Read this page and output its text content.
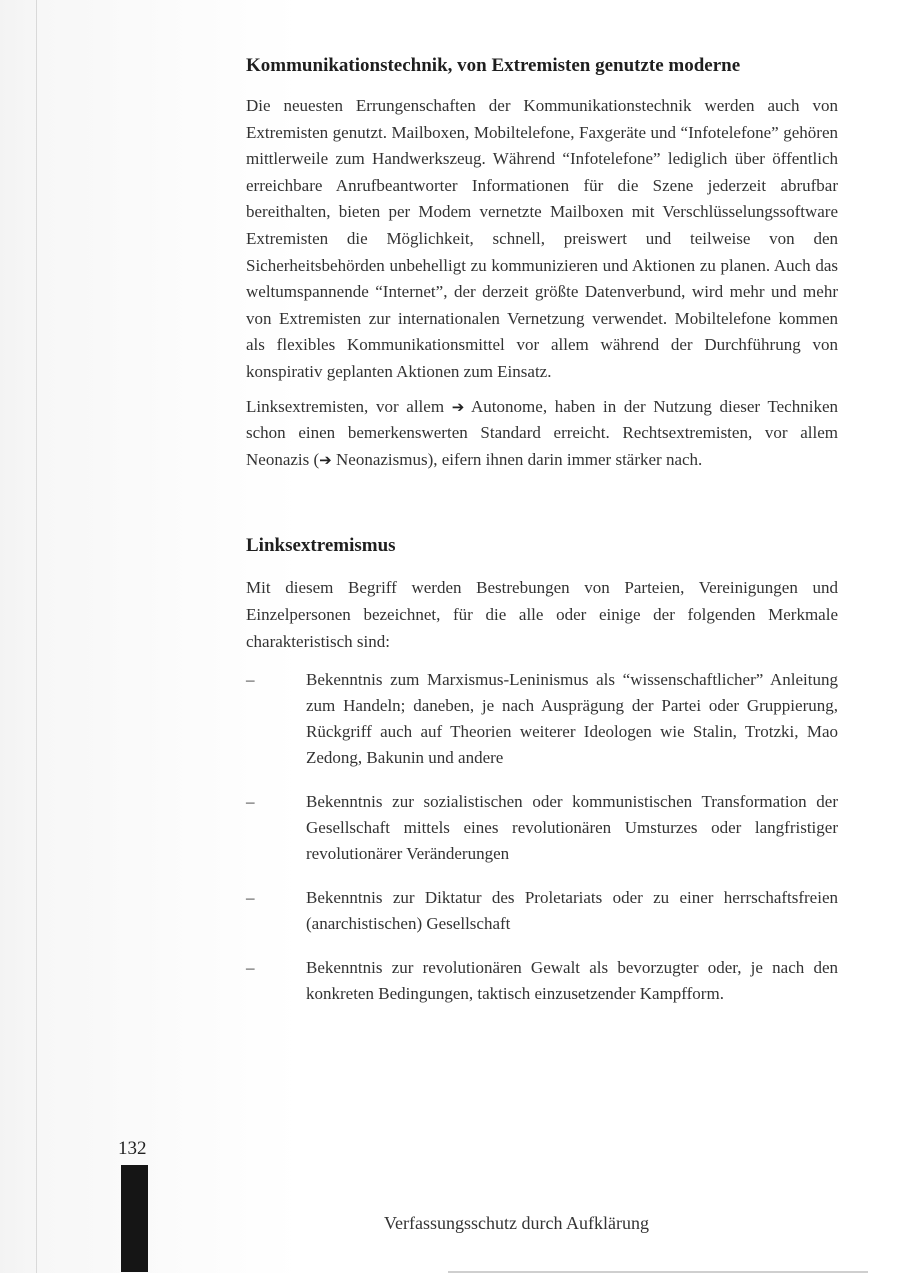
Kommunikationstechnik, von Extremisten genutzte moderne

Die neuesten Errungenschaften der Kommunikationstechnik werden auch von Extremisten genutzt. Mailboxen, Mobiltelefone, Faxgeräte und “Infotelefone” gehören mittlerweile zum Handwerkszeug. Während “Infotelefone” lediglich über öffentlich erreichbare Anrufbeantworter Informationen für die Szene jederzeit abrufbar bereithalten, bieten per Modem vernetzte Mailboxen mit Verschlüsselungssoftware Extremisten die Möglichkeit, schnell, preiswert und teilweise von den Sicherheitsbehörden unbehelligt zu kommunizieren und Aktionen zu planen. Auch das weltumspannende “Internet”, der derzeit größte Datenverbund, wird mehr und mehr von Extremisten zur internationalen Vernetzung verwendet. Mobiltelefone kommen als flexibles Kommunikationsmittel vor allem während der Durchführung von konspirativ geplanten Aktionen zum Einsatz.

Linksextremisten, vor allem ➔ Autonome, haben in der Nutzung dieser Techniken schon einen bemerkenswerten Standard erreicht. Rechtsextremisten, vor allem Neonazis (➔ Neonazismus), eifern ihnen darin immer stärker nach.

Linksextremismus

Mit diesem Begriff werden Bestrebungen von Parteien, Vereinigungen und Einzelpersonen bezeichnet, für die alle oder einige der folgenden Merkmale charakteristisch sind:

–	Bekenntnis zum Marxismus-Leninismus als “wissenschaftlicher” Anleitung zum Handeln; daneben, je nach Ausprägung der Partei oder Gruppierung, Rückgriff auch auf Theorien weiterer Ideologen wie Stalin, Trotzki, Mao Zedong, Bakunin und andere
–	Bekenntnis zur sozialistischen oder kommunistischen Transformation der Gesellschaft mittels eines revolutionären Umsturzes oder langfristiger revolutionärer Veränderungen
–	Bekenntnis zur Diktatur des Proletariats oder zu einer herrschaftsfreien (anarchistischen) Gesellschaft
–	Bekenntnis zur revolutionären Gewalt als bevorzugter oder, je nach den konkreten Bedingungen, taktisch einzusetzender Kampfform.
132
Verfassungsschutz durch Aufklärung
